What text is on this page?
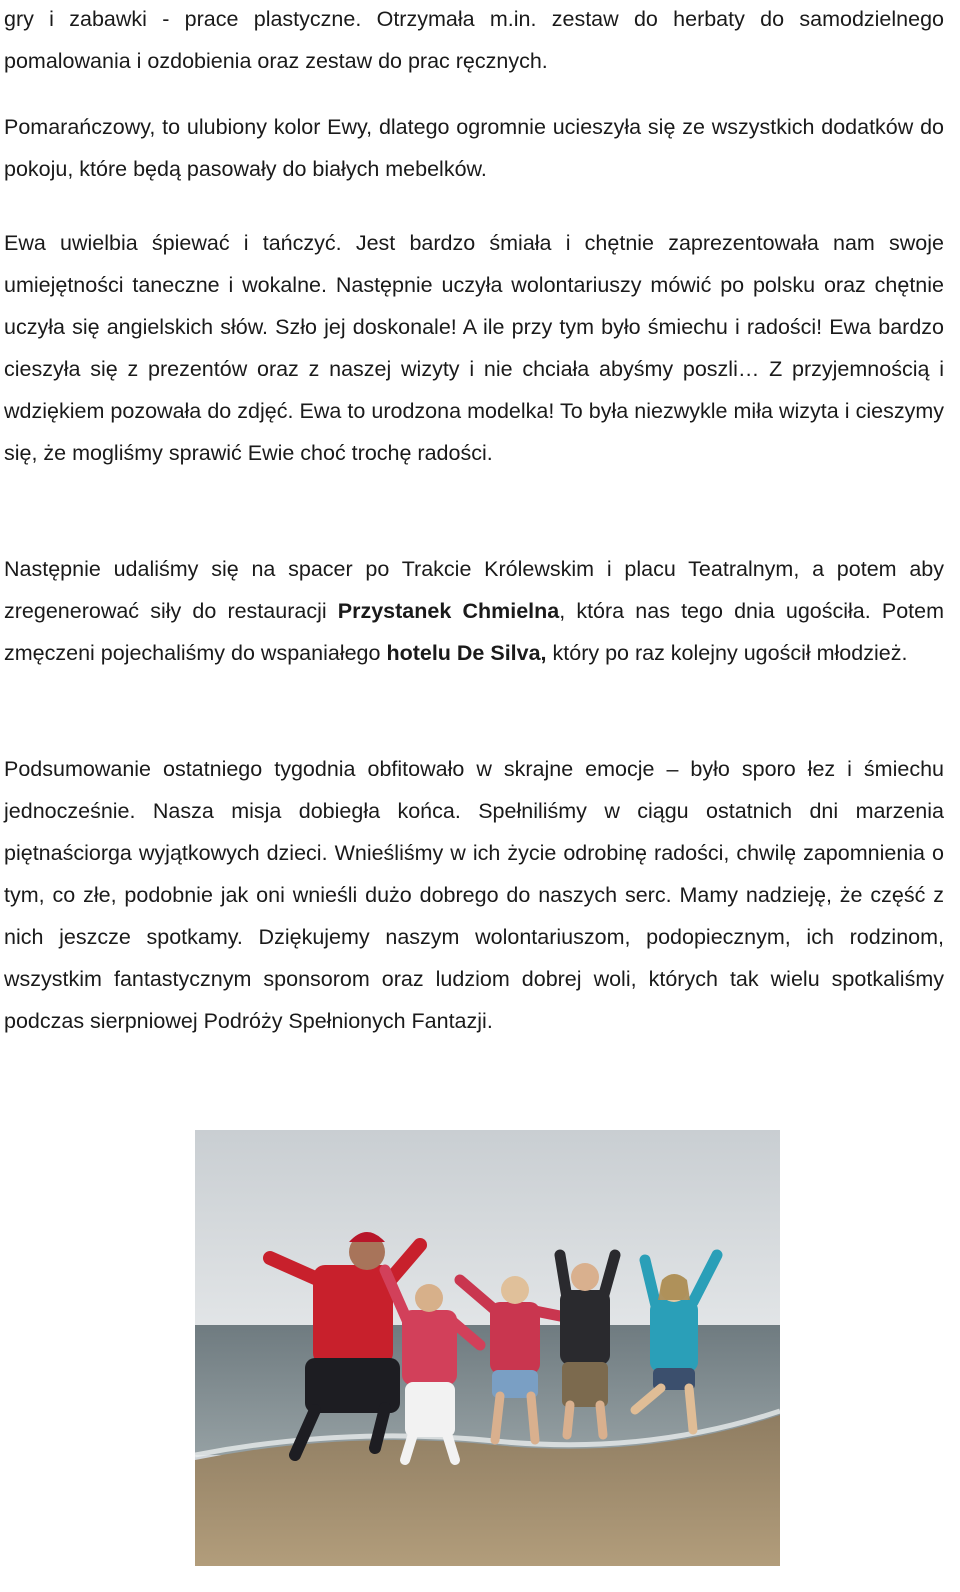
gry i zabawki - prace plastyczne. Otrzymała m.in. zestaw do herbaty do samodzielnego pomalowania i ozdobienia oraz zestaw do prac ręcznych.

Pomarańczowy, to ulubiony kolor Ewy, dlatego ogromnie ucieszyła się ze wszystkich dodatków do pokoju, które będą pasowały do białych mebelków.

Ewa uwielbia śpiewać i tańczyć. Jest bardzo śmiała i chętnie zaprezentowała nam swoje umiejętności taneczne i wokalne. Następnie uczyła wolontariuszy mówić po polsku oraz chętnie uczyła się angielskich słów. Szło jej doskonale! A ile przy tym było śmiechu i radości! Ewa bardzo cieszyła się z prezentów oraz z naszej wizyty i nie chciała abyśmy poszli… Z przyjemnością i wdziękiem pozowała do zdjęć. Ewa to urodzona modelka! To była niezwykle miła wizyta i cieszymy się, że mogliśmy sprawić Ewie choć trochę radości.

Następnie udaliśmy się na spacer po Trakcie Królewskim i placu Teatralnym, a potem aby zregenerować siły do restauracji Przystanek Chmielna, która nas tego dnia ugościła. Potem zmęczeni pojechaliśmy do wspaniałego hotelu De Silva, który po raz kolejny ugościł młodzież.

Podsumowanie ostatniego tygodnia obfitowało w skrajne emocje – było sporo łez i śmiechu jednocześnie. Nasza misja dobiegła końca. Spełniliśmy w ciągu ostatnich dni marzenia piętnaściorga wyjątkowych dzieci. Wnieśliśmy w ich życie odrobinę radości, chwilę zapomnienia o tym, co złe, podobnie jak oni wnieśli dużo dobrego do naszych serc. Mamy nadzieję, że część z nich jeszcze spotkamy. Dziękujemy naszym wolontariuszom, podopiecznym, ich rodzinom, wszystkim fantastycznym sponsorom oraz ludziom dobrej woli, których tak wielu spotkaliśmy podczas sierpniowej Podróży Spełnionych Fantazji.
